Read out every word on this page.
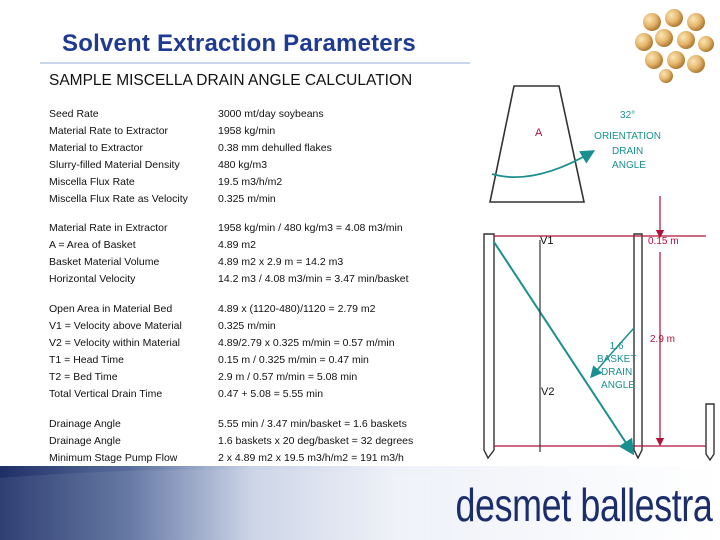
Solvent Extraction Parameters
SAMPLE MISCELLA DRAIN ANGLE CALCULATION
Seed Rate	3000 mt/day soybeans
Material Rate to Extractor	1958 kg/min
Material to Extractor	0.38 mm dehulled flakes
Slurry-filled Material Density	480 kg/m3
Miscella Flux Rate	19.5 m3/h/m2
Miscella Flux Rate as Velocity	0.325 m/min
Material Rate in Extractor	1958 kg/min / 480 kg/m3 = 4.08 m3/min
A = Area of Basket	4.89 m2
Basket Material Volume	4.89 m2 x 2.9 m = 14.2 m3
Horizontal Velocity	14.2 m3 / 4.08 m3/min = 3.47 min/basket
Open Area in Material Bed	4.89 x (1120-480)/1120 = 2.79 m2
V1 = Velocity above Material	0.325 m/min
V2 = Velocity within Material	4.89/2.79 x 0.325 m/min = 0.57 m/min
T1 = Head Time	0.15 m / 0.325 m/min = 0.47 min
T2 = Bed Time	2.9 m / 0.57 m/min = 5.08 min
Total Vertical Drain Time	0.47 + 5.08 = 5.55 min
Drainage Angle	5.55 min / 3.47 min/basket = 1.6 baskets
Drainage Angle	1.6 baskets x 20 deg/basket = 32 degrees
Minimum Stage Pump Flow	2 x 4.89 m2 x 19.5 m3/h/m2 = 191 m3/h
A
32° ORIENTATION DRAIN ANGLE
V1
V2
0.15 m
2.9 m
1.6 BASKET DRAIN ANGLE
desmet ballestra
